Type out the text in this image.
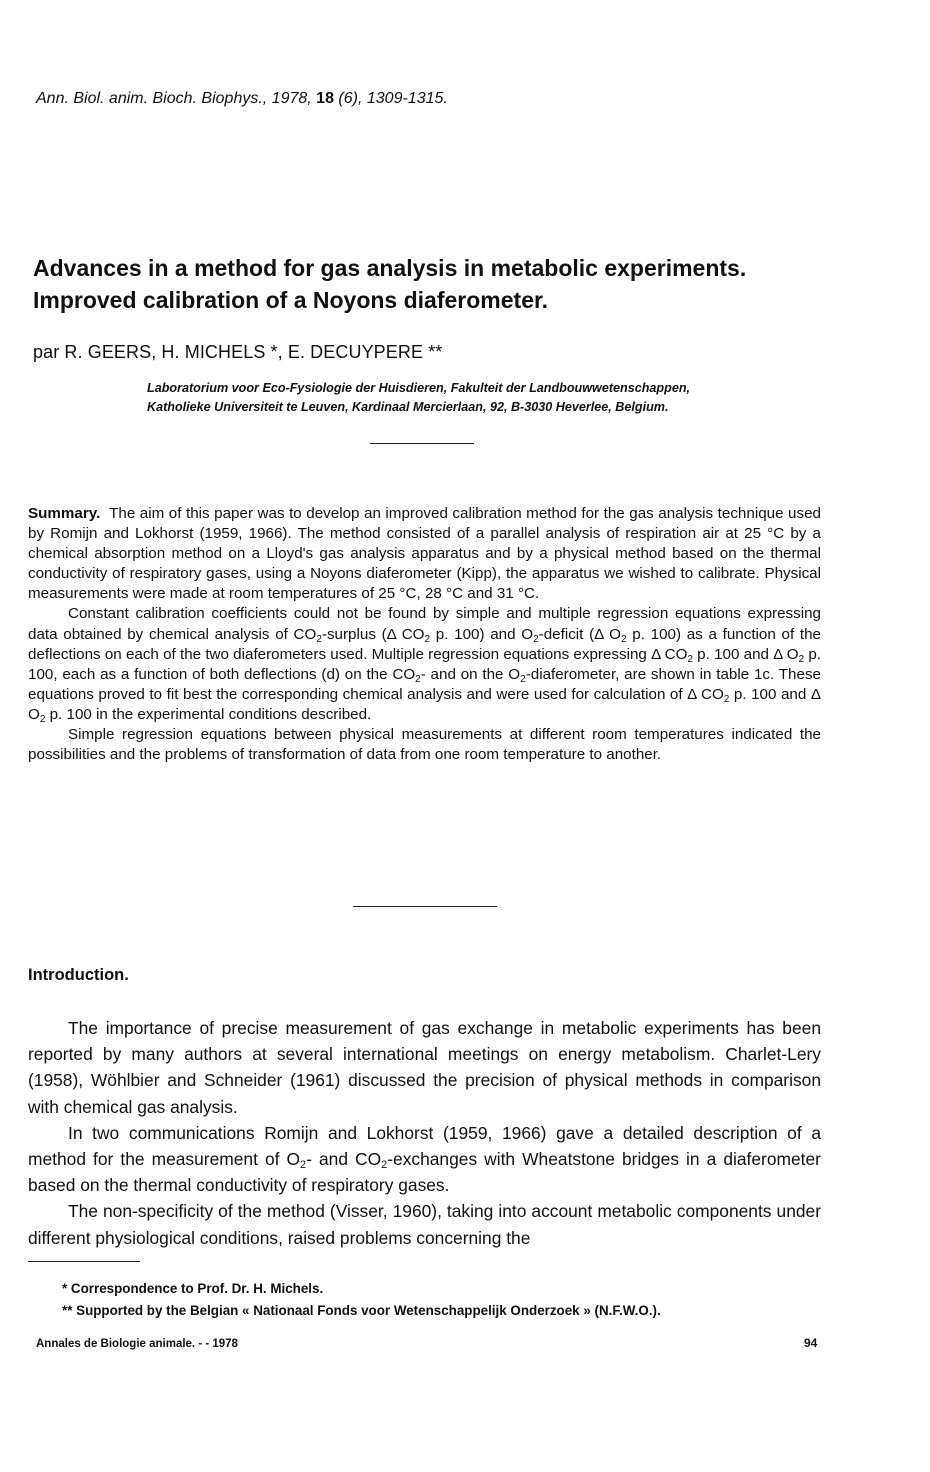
Ann. Biol. anim. Bioch. Biophys., 1978, 18 (6), 1309-1315.
Advances in a method for gas analysis in metabolic experiments.
Improved calibration of a Noyons diaferometer.
par R. GEERS, H. MICHELS *, E. DECUYPERE **
Laboratorium voor Eco-Fysiologie der Huisdieren, Fakulteit der Landbouwwetenschappen,
Katholieke Universiteit te Leuven, Kardinaal Mercierlaan, 92, B-3030 Heverlee, Belgium.

Summary. The aim of this paper was to develop an improved calibration method for the gas analysis technique used by Romijn and Lokhorst (1959, 1966). The method consisted of a parallel analysis of respiration air at 25 °C by a chemical absorption method on a Lloyd's gas analysis apparatus and by a physical method based on the thermal conductivity of respiratory gases, using a Noyons diaferometer (Kipp), the apparatus we wished to calibrate. Physical measurements were made at room temperatures of 25 °C, 28 °C and 31 °C.

Constant calibration coefficients could not be found by simple and multiple regression equations expressing data obtained by chemical analysis of $CO_2$-surplus (Δ $CO_2$ p. 100) and $O_2$-deficit (Δ $O_2$ p. 100) as a function of the deflections on each of the two diaferometers used. Multiple regression equations expressing Δ $CO_2$ p. 100 and Δ $O_2$ p. 100, each as a function of both deflections (d) on the $CO_2-$ and on the $O_2$-diaferometer, are shown in table 1c. These equations proved to fit best the corresponding chemical analysis and were used for calculation of Δ $CO_2$ p. 100 and Δ $O_2$ p. 100 in the experimental conditions described.

Simple regression equations between physical measurements at different room temperatures indicated the possibilities and the problems of transformation of data from one room temperature to another.

Introduction.

The importance of precise measurement of gas exchange in metabolic experiments has been reported by many authors at several international meetings on energy metabolism. Charlet-Lery (1958), Wöhlbier and Schneider (1961) discussed the precision of physical methods in comparison with chemical gas analysis.

In two communications Romijn and Lokhorst (1959, 1966) gave a detailed description of a method for the measurement of $O_2-$ and $CO_2$-exchanges with Wheatstone bridges in a diaferometer based on the thermal conductivity of respiratory gases.

The non-specificity of the method (Visser, 1960), taking into account metabolic components under different physiological conditions, raised problems concerning the

* Correspondence to Prof. Dr. H. Michels.
** Supported by the Belgian « Nationaal Fonds voor Wetenschappelijk Onderzoek » (N.F.W.O.).
Annales de Biologie animale. - - 1978	94
